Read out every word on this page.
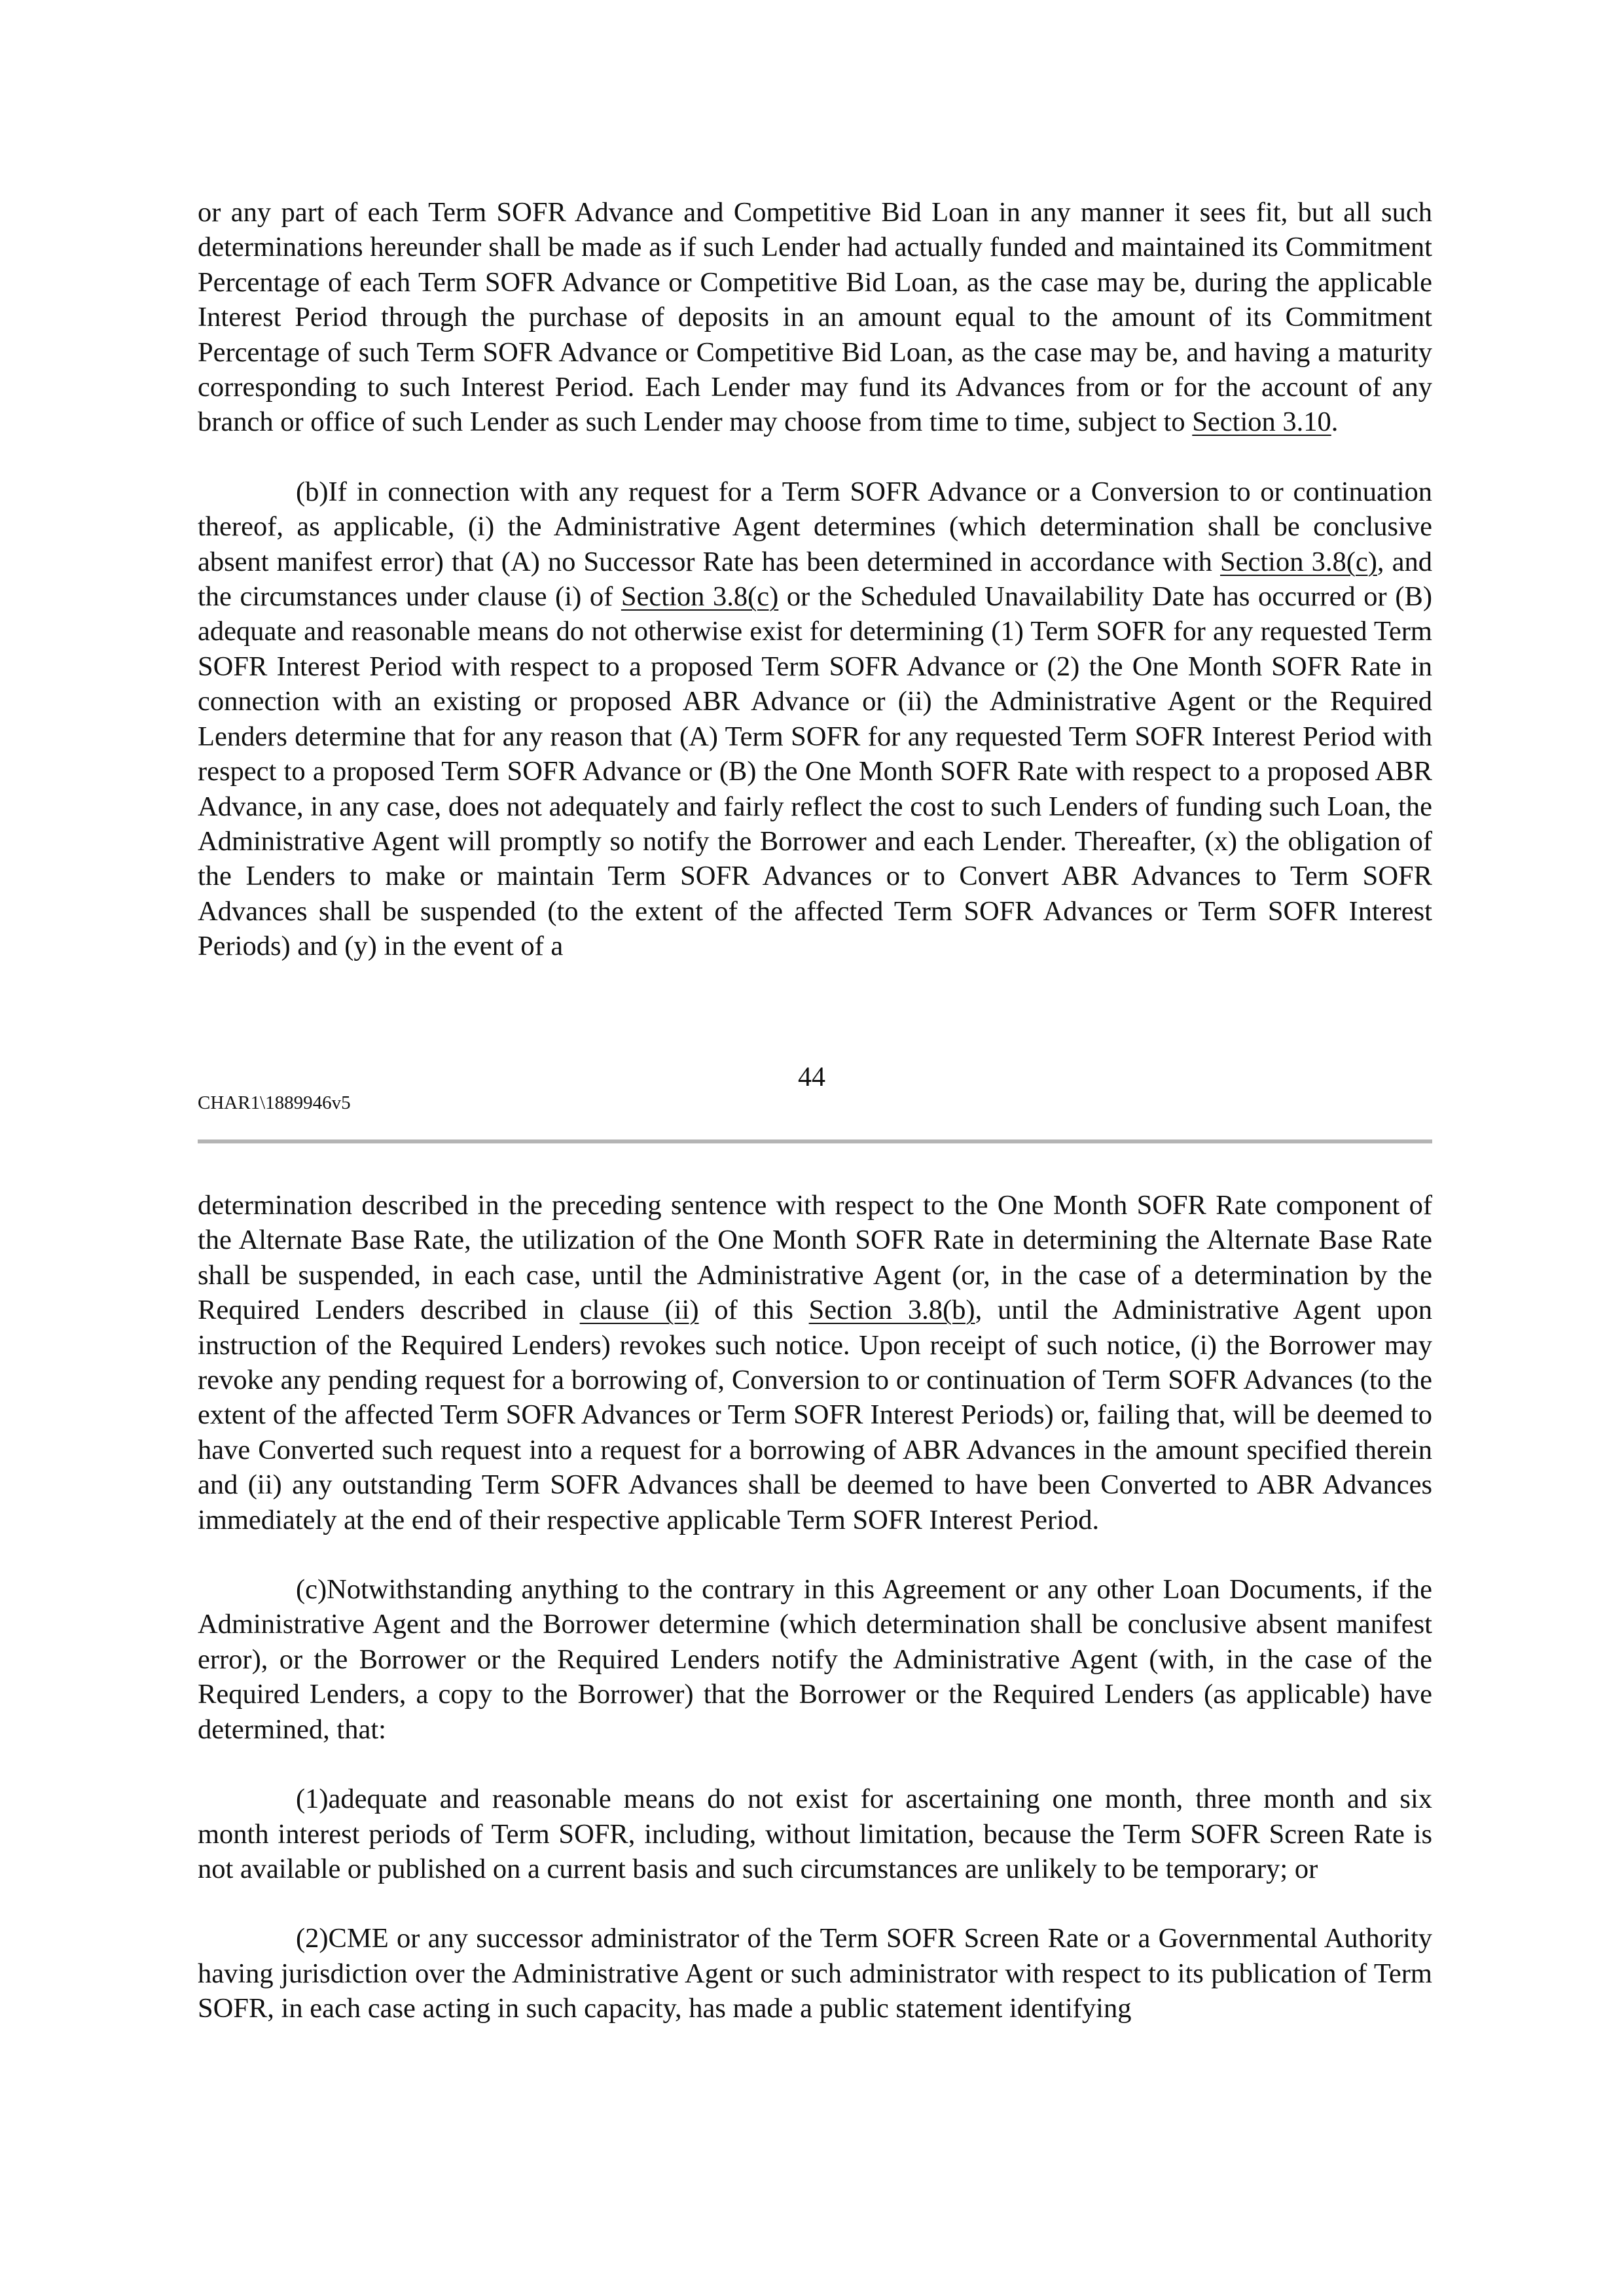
or any part of each Term SOFR Advance and Competitive Bid Loan in any manner it sees fit, but all such determinations hereunder shall be made as if such Lender had actually funded and maintained its Commitment Percentage of each Term SOFR Advance or Competitive Bid Loan, as the case may be, during the applicable Interest Period through the purchase of deposits in an amount equal to the amount of its Commitment Percentage of such Term SOFR Advance or Competitive Bid Loan, as the case may be, and having a maturity corresponding to such Interest Period. Each Lender may fund its Advances from or for the account of any branch or office of such Lender as such Lender may choose from time to time, subject to Section 3.10.

(b)If in connection with any request for a Term SOFR Advance or a Conversion to or continuation thereof, as applicable, (i) the Administrative Agent determines (which determination shall be conclusive absent manifest error) that (A) no Successor Rate has been determined in accordance with Section 3.8(c), and the circumstances under clause (i) of Section 3.8(c) or the Scheduled Unavailability Date has occurred or (B) adequate and reasonable means do not otherwise exist for determining (1) Term SOFR for any requested Term SOFR Interest Period with respect to a proposed Term SOFR Advance or (2) the One Month SOFR Rate in connection with an existing or proposed ABR Advance or (ii) the Administrative Agent or the Required Lenders determine that for any reason that (A) Term SOFR for any requested Term SOFR Interest Period with respect to a proposed Term SOFR Advance or (B) the One Month SOFR Rate with respect to a proposed ABR Advance, in any case, does not adequately and fairly reflect the cost to such Lenders of funding such Loan, the Administrative Agent will promptly so notify the Borrower and each Lender. Thereafter, (x) the obligation of the Lenders to make or maintain Term SOFR Advances or to Convert ABR Advances to Term SOFR Advances shall be suspended (to the extent of the affected Term SOFR Advances or Term SOFR Interest Periods) and (y) in the event of a

44
CHAR1\1889946v5

determination described in the preceding sentence with respect to the One Month SOFR Rate component of the Alternate Base Rate, the utilization of the One Month SOFR Rate in determining the Alternate Base Rate shall be suspended, in each case, until the Administrative Agent (or, in the case of a determination by the Required Lenders described in clause (ii) of this Section 3.8(b), until the Administrative Agent upon instruction of the Required Lenders) revokes such notice. Upon receipt of such notice, (i) the Borrower may revoke any pending request for a borrowing of, Conversion to or continuation of Term SOFR Advances (to the extent of the affected Term SOFR Advances or Term SOFR Interest Periods) or, failing that, will be deemed to have Converted such request into a request for a borrowing of ABR Advances in the amount specified therein and (ii) any outstanding Term SOFR Advances shall be deemed to have been Converted to ABR Advances immediately at the end of their respective applicable Term SOFR Interest Period.

(c)Notwithstanding anything to the contrary in this Agreement or any other Loan Documents, if the Administrative Agent and the Borrower determine (which determination shall be conclusive absent manifest error), or the Borrower or the Required Lenders notify the Administrative Agent (with, in the case of the Required Lenders, a copy to the Borrower) that the Borrower or the Required Lenders (as applicable) have determined, that:

(1)adequate and reasonable means do not exist for ascertaining one month, three month and six month interest periods of Term SOFR, including, without limitation, because the Term SOFR Screen Rate is not available or published on a current basis and such circumstances are unlikely to be temporary; or

(2)CME or any successor administrator of the Term SOFR Screen Rate or a Governmental Authority having jurisdiction over the Administrative Agent or such administrator with respect to its publication of Term SOFR, in each case acting in such capacity, has made a public statement identifying
